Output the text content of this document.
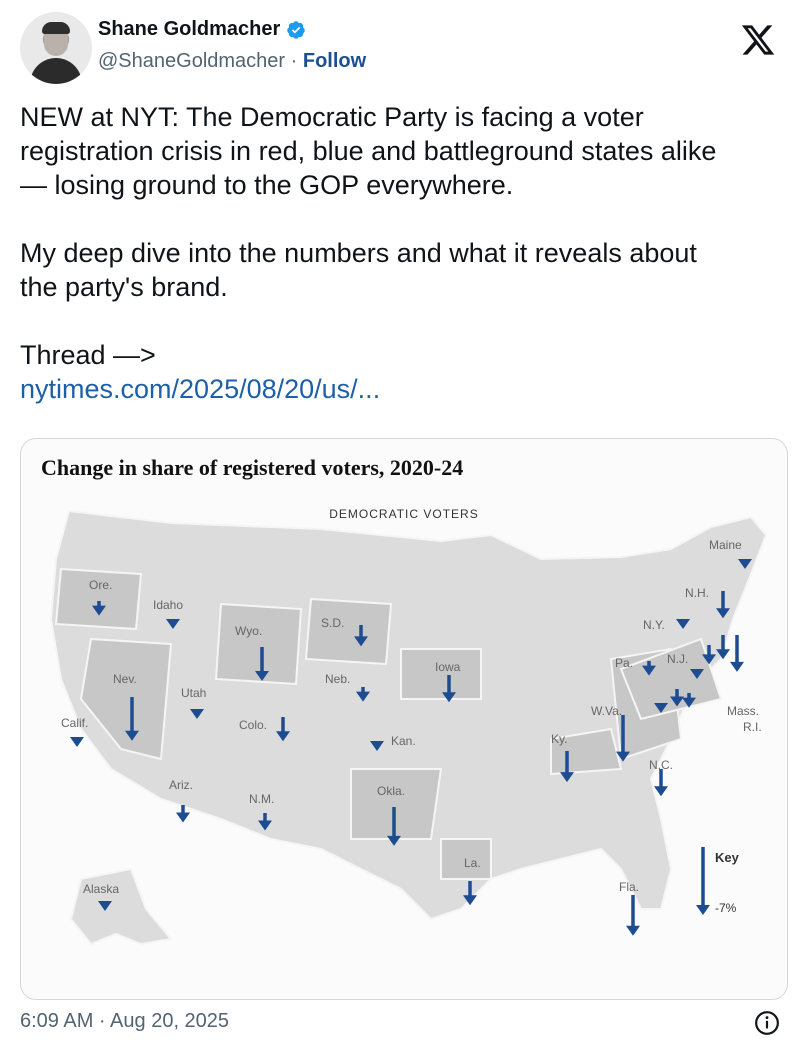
Shane Goldmacher
@ShaneGoldmacher · Follow
NEW at NYT: The Democratic Party is facing a voter
registration crisis in red, blue and battleground states alike
— losing ground to the GOP everywhere.

My deep dive into the numbers and what it reveals about
the party's brand.

Thread —>
nytimes.com/2025/08/20/us/...
Change in share of registered voters, 2020-24
DEMOCRATIC VOTERS
Ore.
Idaho
Wyo.
S.D.
Nev.
Utah
Calif.	Colo.
Neb.
Iowa
Kan.
Ariz.
N.M.
Okla.
Alaska
La.
Ky.
W.Va.
N.C.
Fla.
Pa.	N.J.
N.Y.
N.H.
Maine
Mass.
R.I.
Key
-7%
6:09 AM · Aug 20, 2025
